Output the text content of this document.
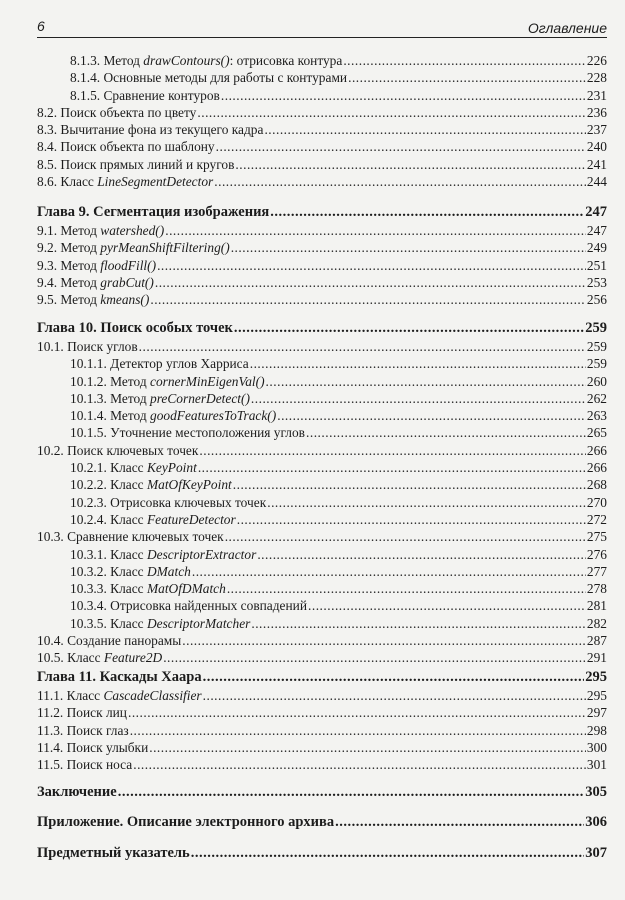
6	Оглавление
8.1.3. Метод drawContours(): отрисовка контура .....	226
8.1.4. Основные методы для работы с контурами .....	228
8.1.5. Сравнение контуров .....	231
8.2. Поиск объекта по цвету .....	236
8.3. Вычитание фона из текущего кадра .....	237
8.4. Поиск объекта по шаблону .....	240
8.5. Поиск прямых линий и кругов .....	241
8.6. Класс LineSegmentDetector .....	244
Глава 9. Сегментация изображения .....	247
9.1. Метод watershed() .....	247
9.2. Метод pyrMeanShiftFiltering() .....	249
9.3. Метод floodFill() .....	251
9.4. Метод grabCut() .....	253
9.5. Метод kmeans() .....	256
Глава 10. Поиск особых точек .....	259
10.1. Поиск углов .....	259
10.1.1. Детектор углов Харриса .....	259
10.1.2. Метод cornerMinEigenVal() .....	260
10.1.3. Метод preCornerDetect() .....	262
10.1.4. Метод goodFeaturesToTrack() .....	263
10.1.5. Уточнение местоположения углов .....	265
10.2. Поиск ключевых точек .....	266
10.2.1. Класс KeyPoint .....	266
10.2.2. Класс MatOfKeyPoint .....	268
10.2.3. Отрисовка ключевых точек .....	270
10.2.4. Класс FeatureDetector .....	272
10.3. Сравнение ключевых точек .....	275
10.3.1. Класс DescriptorExtractor .....	276
10.3.2. Класс DMatch .....	277
10.3.3. Класс MatOfDMatch .....	278
10.3.4. Отрисовка найденных совпадений .....	281
10.3.5. Класс DescriptorMatcher .....	282
10.4. Создание панорамы .....	287
10.5. Класс Feature2D .....	291
Глава 11. Каскады Хаара .....	295
11.1. Класс CascadeClassifier .....	295
11.2. Поиск лиц .....	297
11.3. Поиск глаз .....	298
11.4. Поиск улыбки .....	300
11.5. Поиск носа .....	301
Заключение .....	305
Приложение. Описание электронного архива .....	306
Предметный указатель .....	307
